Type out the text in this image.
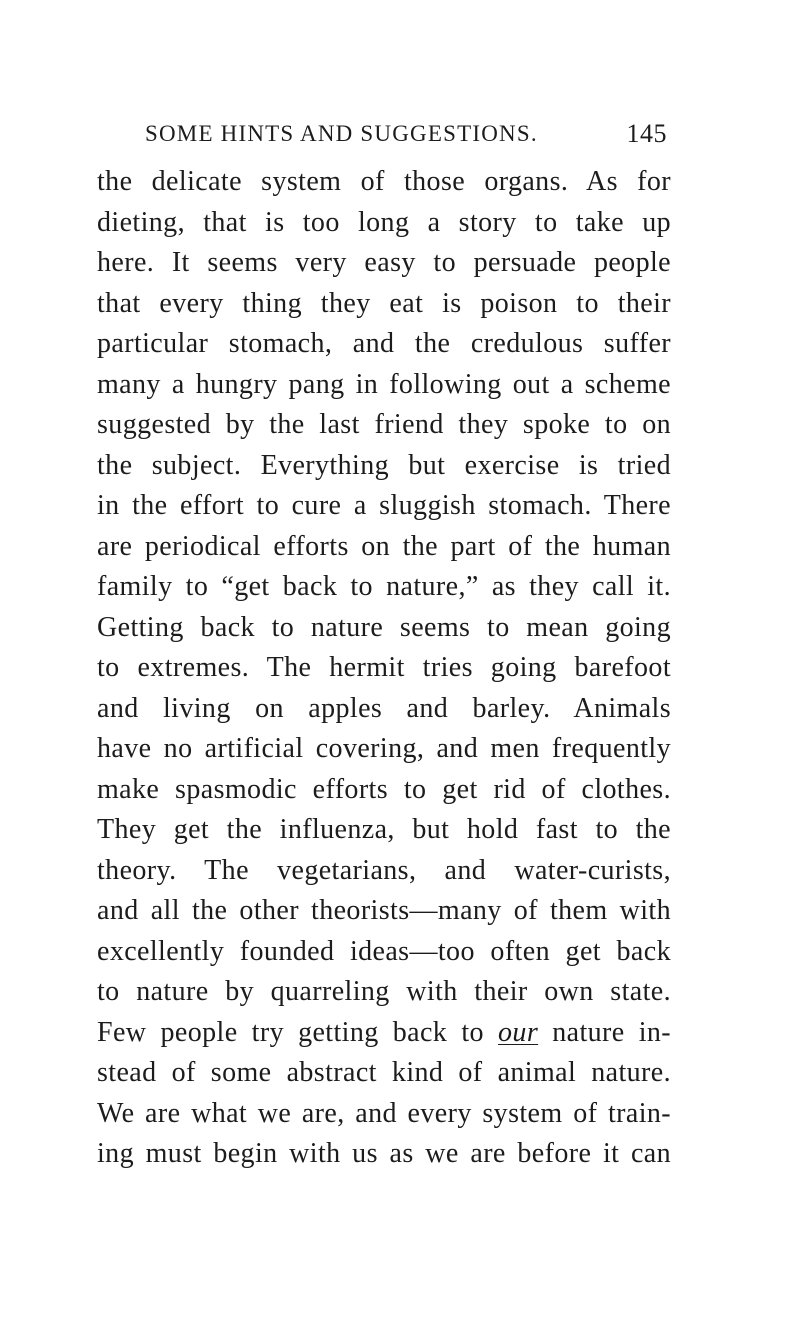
SOME HINTS AND SUGGESTIONS.	145
the delicate system of those organs. As for
dieting, that is too long a story to take up
here. It seems very easy to persuade people
that every thing they eat is poison to their
particular stomach, and the credulous suffer
many a hungry pang in following out a scheme
suggested by the last friend they spoke to on
the subject. Everything but exercise is tried
in the effort to cure a sluggish stomach. There
are periodical efforts on the part of the human
family to “get back to nature,” as they call it.
Getting back to nature seems to mean going
to extremes. The hermit tries going barefoot
and living on apples and barley. Animals
have no artificial covering, and men frequently
make spasmodic efforts to get rid of clothes.
They get the influenza, but hold fast to the
theory. The vegetarians, and water-curists,
and all the other theorists—many of them with
excellently founded ideas—too often get back
to nature by quarreling with their own state.
Few people try getting back to our nature in-
stead of some abstract kind of animal nature.
We are what we are, and every system of train-
ing must begin with us as we are before it can
